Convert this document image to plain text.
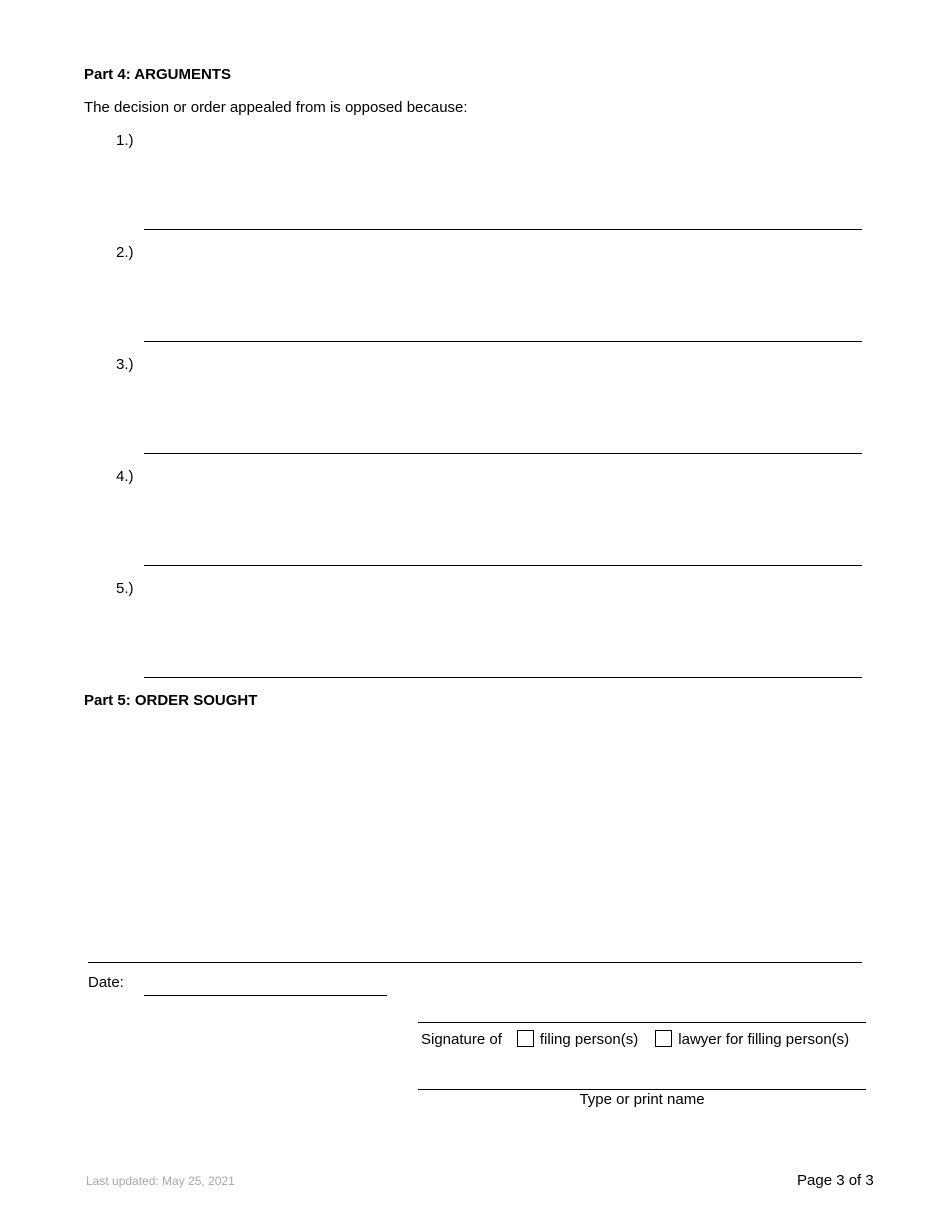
Part 4: ARGUMENTS
The decision or order appealed from is opposed because:
1.)
2.)
3.)
4.)
5.)
Part 5: ORDER SOUGHT
Date:
Signature of	filing person(s)	lawyer for filling person(s)
Type or print name
Last updated: May 25, 2021	Page 3 of 3
